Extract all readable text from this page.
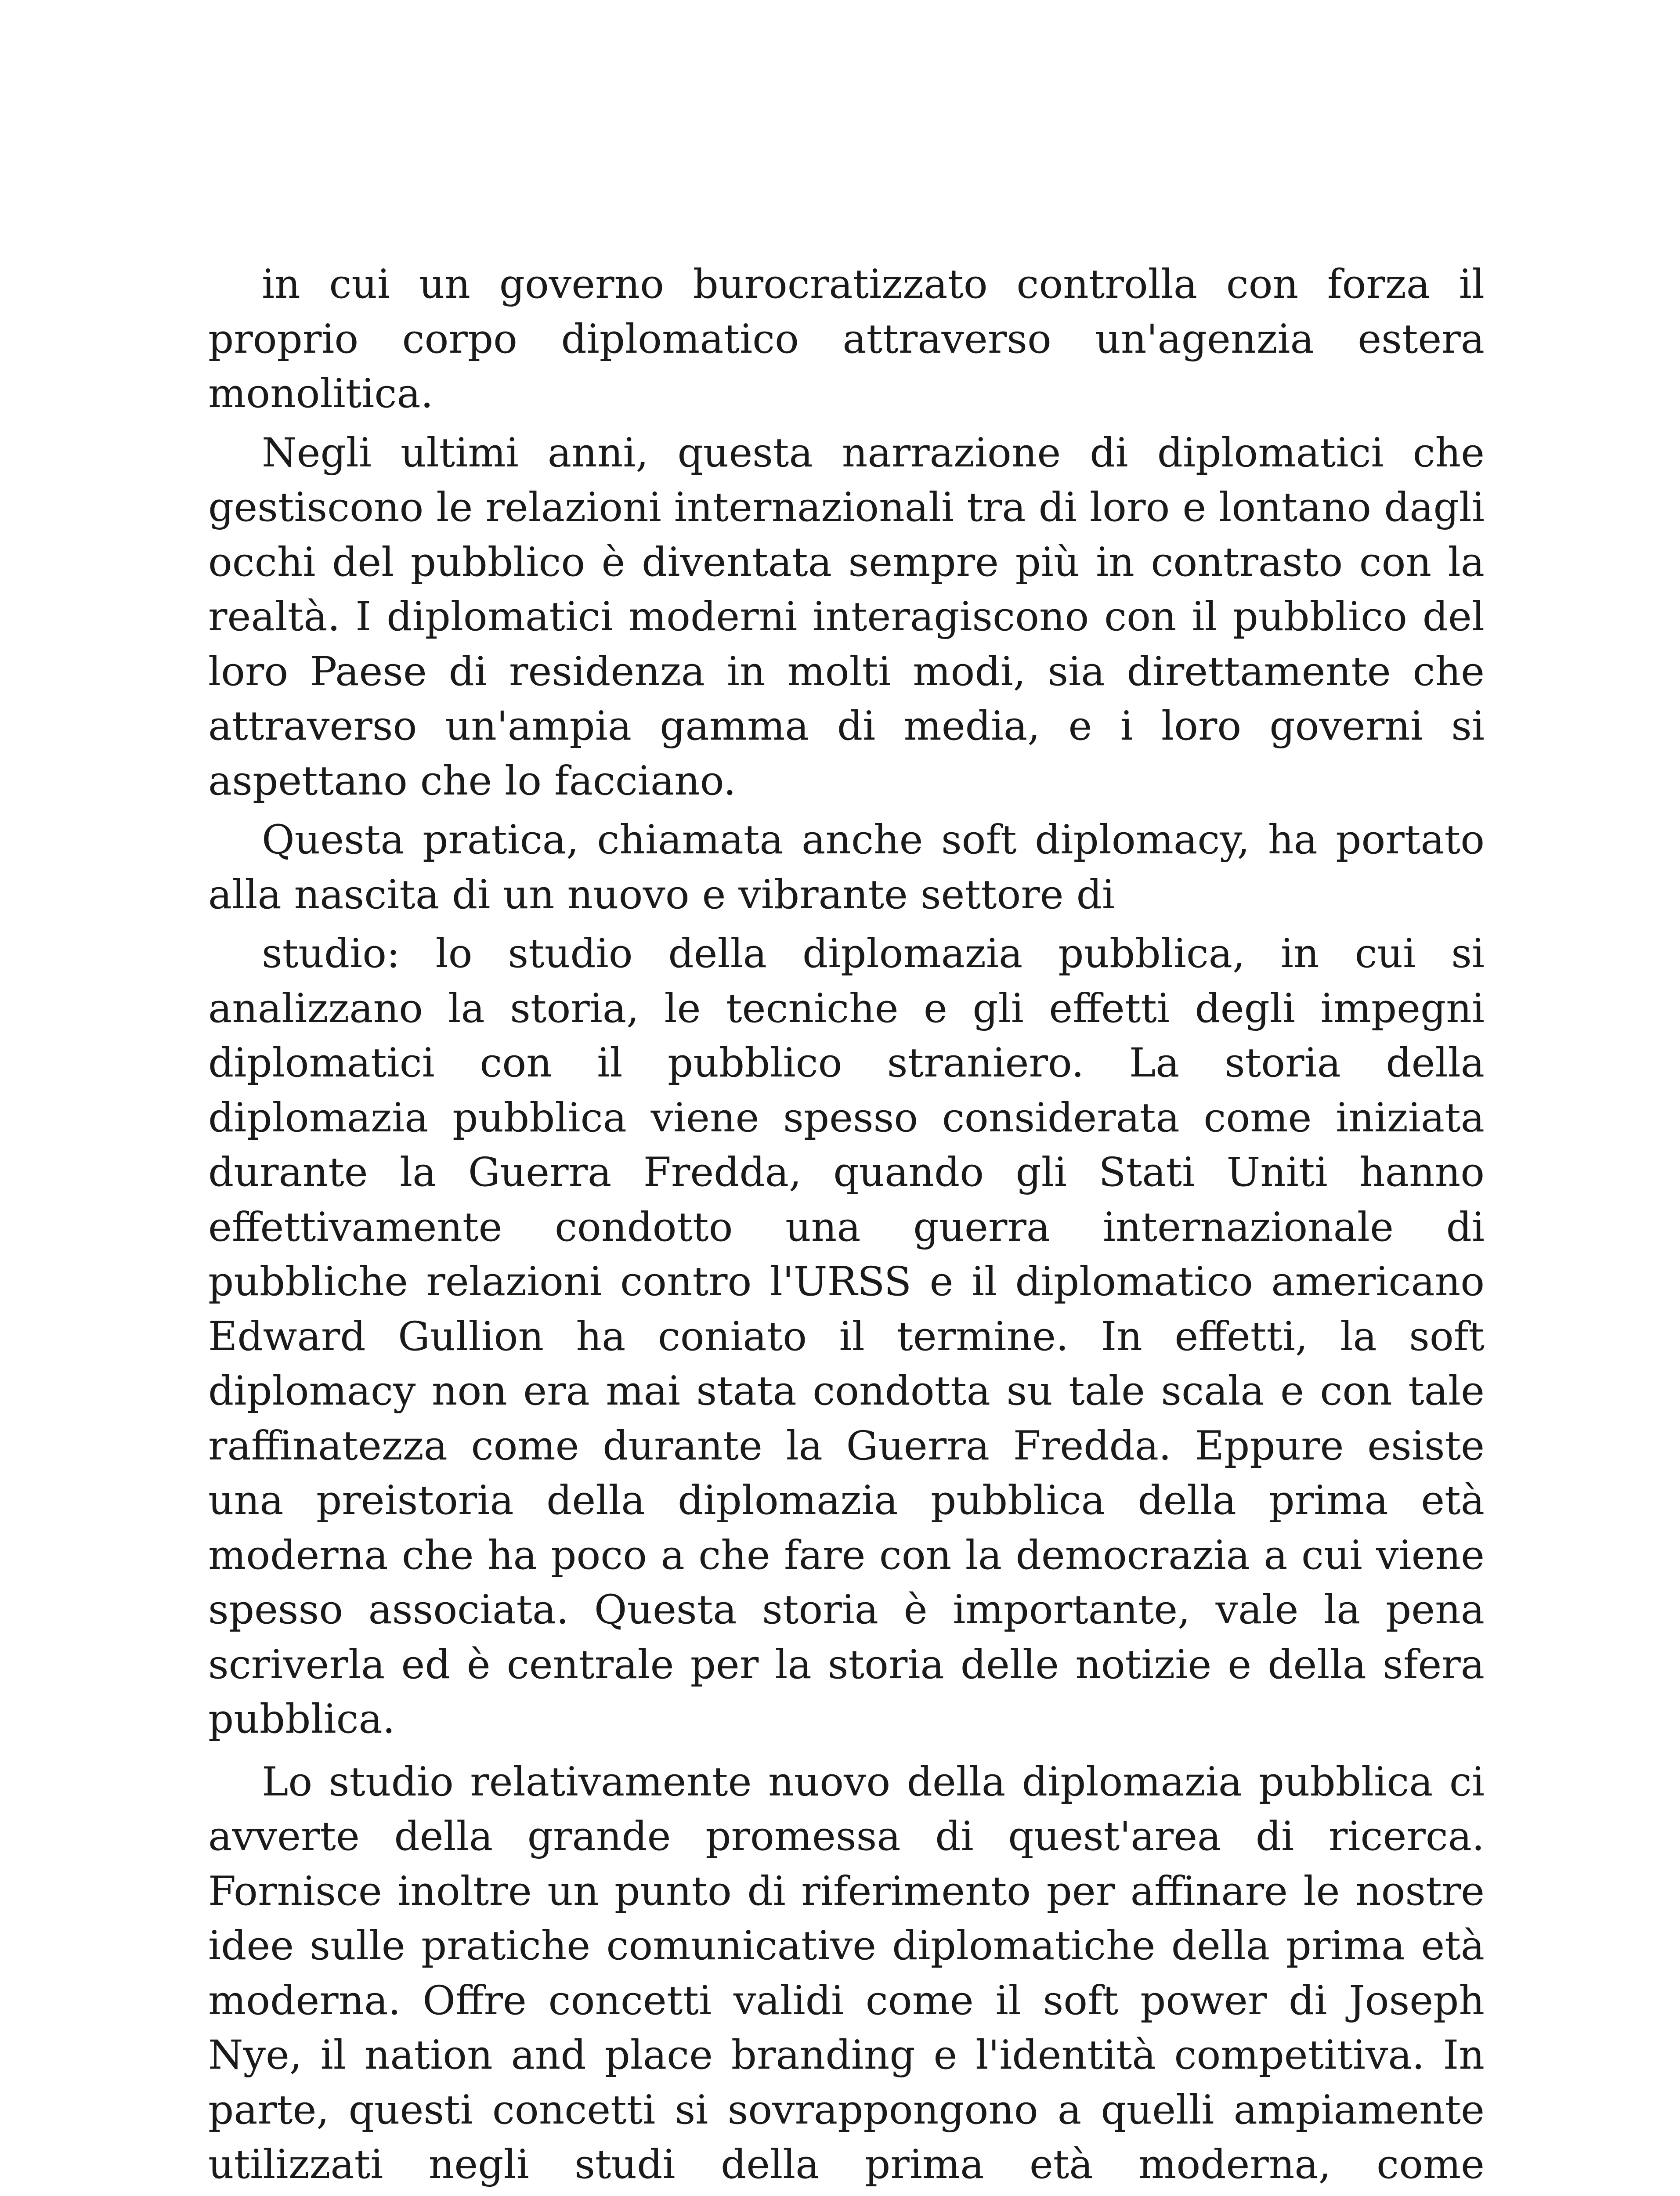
in cui un governo burocratizzato controlla con forza il proprio corpo diplomatico attraverso un'agenzia estera monolitica.

Negli ultimi anni, questa narrazione di diplomatici che gestiscono le relazioni internazionali tra di loro e lontano dagli occhi del pubblico è diventata sempre più in contrasto con la realtà. I diplomatici moderni interagiscono con il pubblico del loro Paese di residenza in molti modi, sia direttamente che attraverso un'ampia gamma di media, e i loro governi si aspettano che lo facciano.

Questa pratica, chiamata anche soft diplomacy, ha portato alla nascita di un nuovo e vibrante settore di

studio: lo studio della diplomazia pubblica, in cui si analizzano la storia, le tecniche e gli effetti degli impegni diplomatici con il pubblico straniero. La storia della diplomazia pubblica viene spesso considerata come iniziata durante la Guerra Fredda, quando gli Stati Uniti hanno effettivamente condotto una guerra internazionale di pubbliche relazioni contro l'URSS e il diplomatico americano Edward Gullion ha coniato il termine. In effetti, la soft diplomacy non era mai stata condotta su tale scala e con tale raffinatezza come durante la Guerra Fredda. Eppure esiste una preistoria della diplomazia pubblica della prima età moderna che ha poco a che fare con la democrazia a cui viene spesso associata. Questa storia è importante, vale la pena scriverla ed è centrale per la storia delle notizie e della sfera pubblica.

Lo studio relativamente nuovo della diplomazia pubblica ci avverte della grande promessa di quest'area di ricerca. Fornisce inoltre un punto di riferimento per affinare le nostre idee sulle pratiche comunicative diplomatiche della prima età moderna. Offre concetti validi come il soft power di Joseph Nye, il nation and place branding e l'identità competitiva. In parte, questi concetti si sovrappongono a quelli ampiamente utilizzati negli studi della prima età moderna, come
